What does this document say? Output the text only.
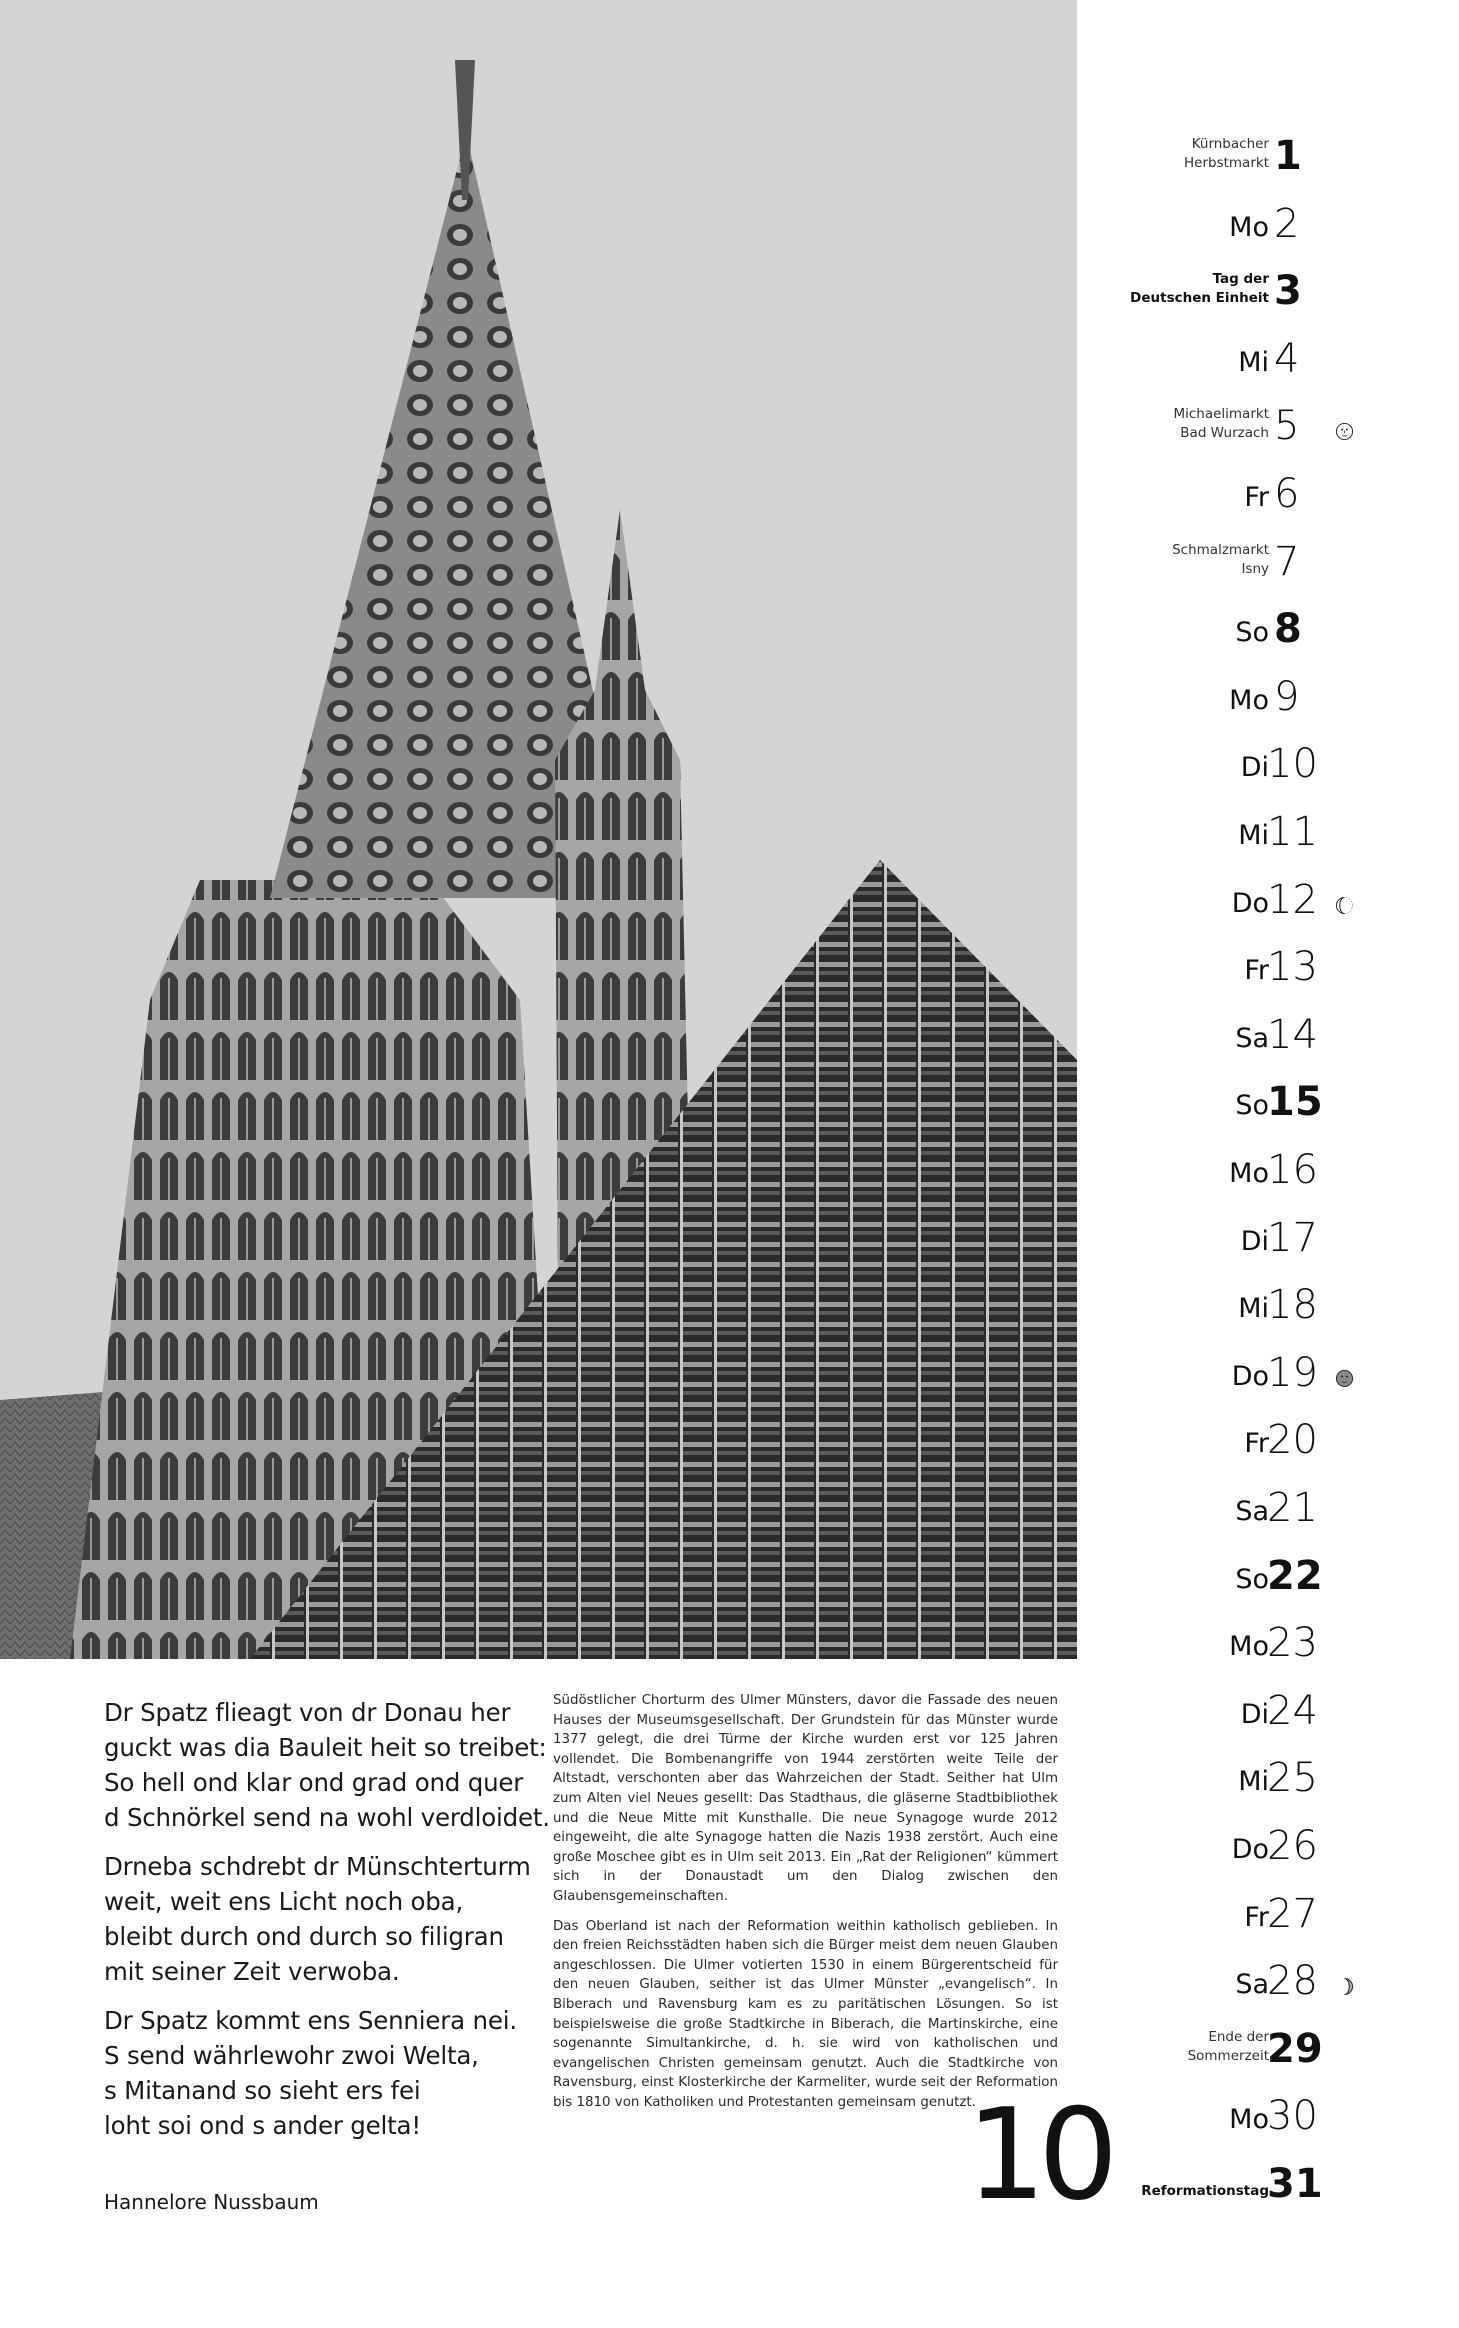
Dr Spatz flieagt von dr Donau her
guckt was dia Bauleit heit so treibet:
So hell ond klar ond grad ond quer
d Schnörkel send na wohl verdloidet.
Drneba schdrebt dr Münschterturm
weit, weit ens Licht noch oba,
bleibt durch ond durch so filigran
mit seiner Zeit verwoba.
Dr Spatz kommt ens Senniera nei.
S send währlewohr zwoi Welta,
s Mitanand so sieht ers fei
loht soi ond s ander gelta!
Hannelore Nussbaum

Südöstlicher Chorturm des Ulmer Münsters, davor die Fassade des neuen Hauses der Museumsgesellschaft. Der Grundstein für das Münster wurde 1377 gelegt, die drei Türme der Kirche wurden erst vor 125 Jahren vollendet. Die Bombenangriffe von 1944 zerstörten weite Teile der Altstadt, verschonten aber das Wahrzeichen der Stadt. Seither hat Ulm zum Alten viel Neues gesellt: Das Stadthaus, die gläserne Stadtbibliothek und die Neue Mitte mit Kunsthalle. Die neue Synagoge wurde 2012 eingeweiht, die alte Synagoge hatten die Nazis 1938 zerstört. Auch eine große Moschee gibt es in Ulm seit 2013. Ein „Rat der Religionen“ kümmert sich in der Donaustadt um den Dialog zwischen den Glaubensgemeinschaften.

Das Oberland ist nach der Reformation weithin katholisch geblieben. In den freien Reichsstädten haben sich die Bürger meist dem neuen Glauben angeschlossen. Die Ulmer votierten 1530 in einem Bürgerentscheid für den neuen Glauben, seither ist das Ulmer Münster „evangelisch“. In Biberach und Ravensburg kam es zu paritätischen Lösungen. So ist beispielsweise die große Stadtkirche in Biberach, die Martinskirche, eine sogenannte Simultankirche, d. h. sie wird von katholischen und evangelischen Christen gemeinsam genutzt. Auch die Stadtkirche von Ravensburg, einst Klosterkirche der Karmeliter, wurde seit der Reformation bis 1810 von Katholiken und Protestanten gemeinsam genutzt.

10
Kürnbacher
Herbstmarkt 1
Mo 2
Tag der
Deutschen Einheit 3
Mi 4
Michaelimarkt
Bad Wurzach 5
Fr 6
Schmalzmarkt
Isny 7
So 8
Mo 9
Di
10
Mi
11
Do
12
Fr
13
Sa
14
So
15
Mo
16
Di
17
Mi
18
Do
19
Fr
20
Sa
21
So
22
Mo
23
Di
24
Mi
25
Do
26
Fr
27
Sa
28
Ende der
Sommerzeit
29
Mo
30
Reformationstag
31
